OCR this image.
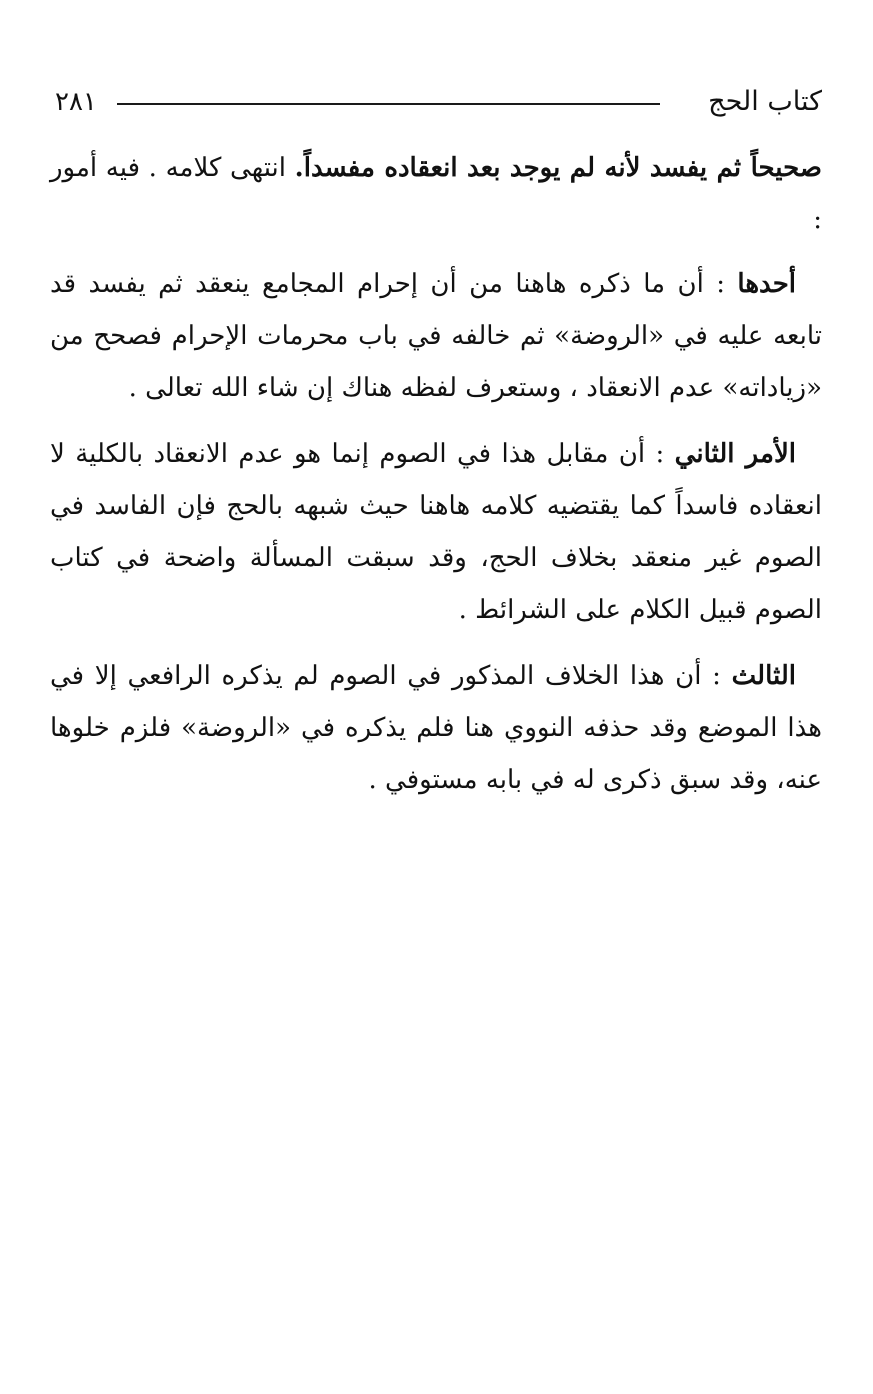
كتاب الحج
٢٨١

صحيحاً ثم يفسد لأنه لم يوجد بعد انعقاده مفسداً. انتهى كلامه . فيه أمور :

أحدها : أن ما ذكره هاهنا من أن إحرام المجامع ينعقد ثم يفسد قد تابعه عليه في «الروضة» ثم خالفه في باب محرمات الإحرام فصحح من «زياداته» عدم الانعقاد ، وستعرف لفظه هناك إن شاء الله تعالى .

الأمر الثاني : أن مقابل هذا في الصوم إنما هو عدم الانعقاد بالكلية لا انعقاده فاسداً كما يقتضيه كلامه هاهنا حيث شبهه بالحج فإن الفاسد في الصوم غير منعقد بخلاف الحج، وقد سبقت المسألة واضحة في كتاب الصوم قبيل الكلام على الشرائط .

الثالث : أن هذا الخلاف المذكور في الصوم لم يذكره الرافعي إلا في هذا الموضع وقد حذفه النووي هنا فلم يذكره في «الروضة» فلزم خلوها عنه، وقد سبق ذكرى له في بابه مستوفي .
